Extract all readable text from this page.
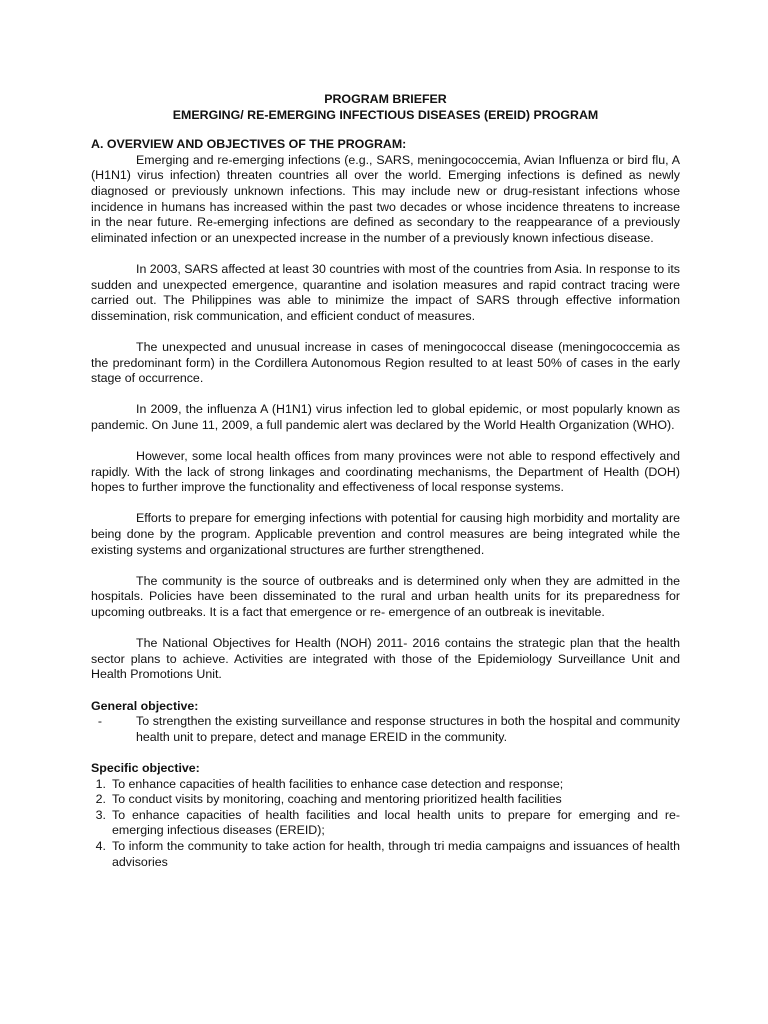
PROGRAM BRIEFER
EMERGING/ RE-EMERGING INFECTIOUS DISEASES (EREID) PROGRAM
A. OVERVIEW AND OBJECTIVES OF THE PROGRAM:

Emerging and re-emerging infections (e.g., SARS, meningococcemia, Avian Influenza or bird flu, A (H1N1) virus infection) threaten countries all over the world. Emerging infections is defined as newly diagnosed or previously unknown infections. This may include new or drug-resistant infections whose incidence in humans has increased within the past two decades or whose incidence threatens to increase in the near future. Re-emerging infections are defined as secondary to the reappearance of a previously eliminated infection or an unexpected increase in the number of a previously known infectious disease.

In 2003, SARS affected at least 30 countries with most of the countries from Asia. In response to its sudden and unexpected emergence, quarantine and isolation measures and rapid contract tracing were carried out. The Philippines was able to minimize the impact of SARS through effective information dissemination, risk communication, and efficient conduct of measures.

The unexpected and unusual increase in cases of meningococcal disease (meningococcemia as the predominant form) in the Cordillera Autonomous Region resulted to at least 50% of cases in the early stage of occurrence.

In 2009, the influenza A (H1N1) virus infection led to global epidemic, or most popularly known as pandemic. On June 11, 2009, a full pandemic alert was declared by the World Health Organization (WHO).

However, some local health offices from many provinces were not able to respond effectively and rapidly. With the lack of strong linkages and coordinating mechanisms, the Department of Health (DOH) hopes to further improve the functionality and effectiveness of local response systems.

Efforts to prepare for emerging infections with potential for causing high morbidity and mortality are being done by the program. Applicable prevention and control measures are being integrated while the existing systems and organizational structures are further strengthened.

The community is the source of outbreaks and is determined only when they are admitted in the hospitals. Policies have been disseminated to the rural and urban health units for its preparedness for upcoming outbreaks. It is a fact that emergence or re- emergence of an outbreak is inevitable.

The National Objectives for Health (NOH) 2011- 2016 contains the strategic plan that the health sector plans to achieve. Activities are integrated with those of the Epidemiology Surveillance Unit and Health Promotions Unit.

General objective:
-	To strengthen the existing surveillance and response structures in both the hospital and community health unit to prepare, detect and manage EREID in the community.
Specific objective:
1. To enhance capacities of health facilities to enhance case detection and response;
2. To conduct visits by monitoring, coaching and mentoring prioritized health facilities
3. To enhance capacities of health facilities and local health units to prepare for emerging and re-emerging infectious diseases (EREID);
4. To inform the community to take action for health, through tri media campaigns and issuances of health advisories
